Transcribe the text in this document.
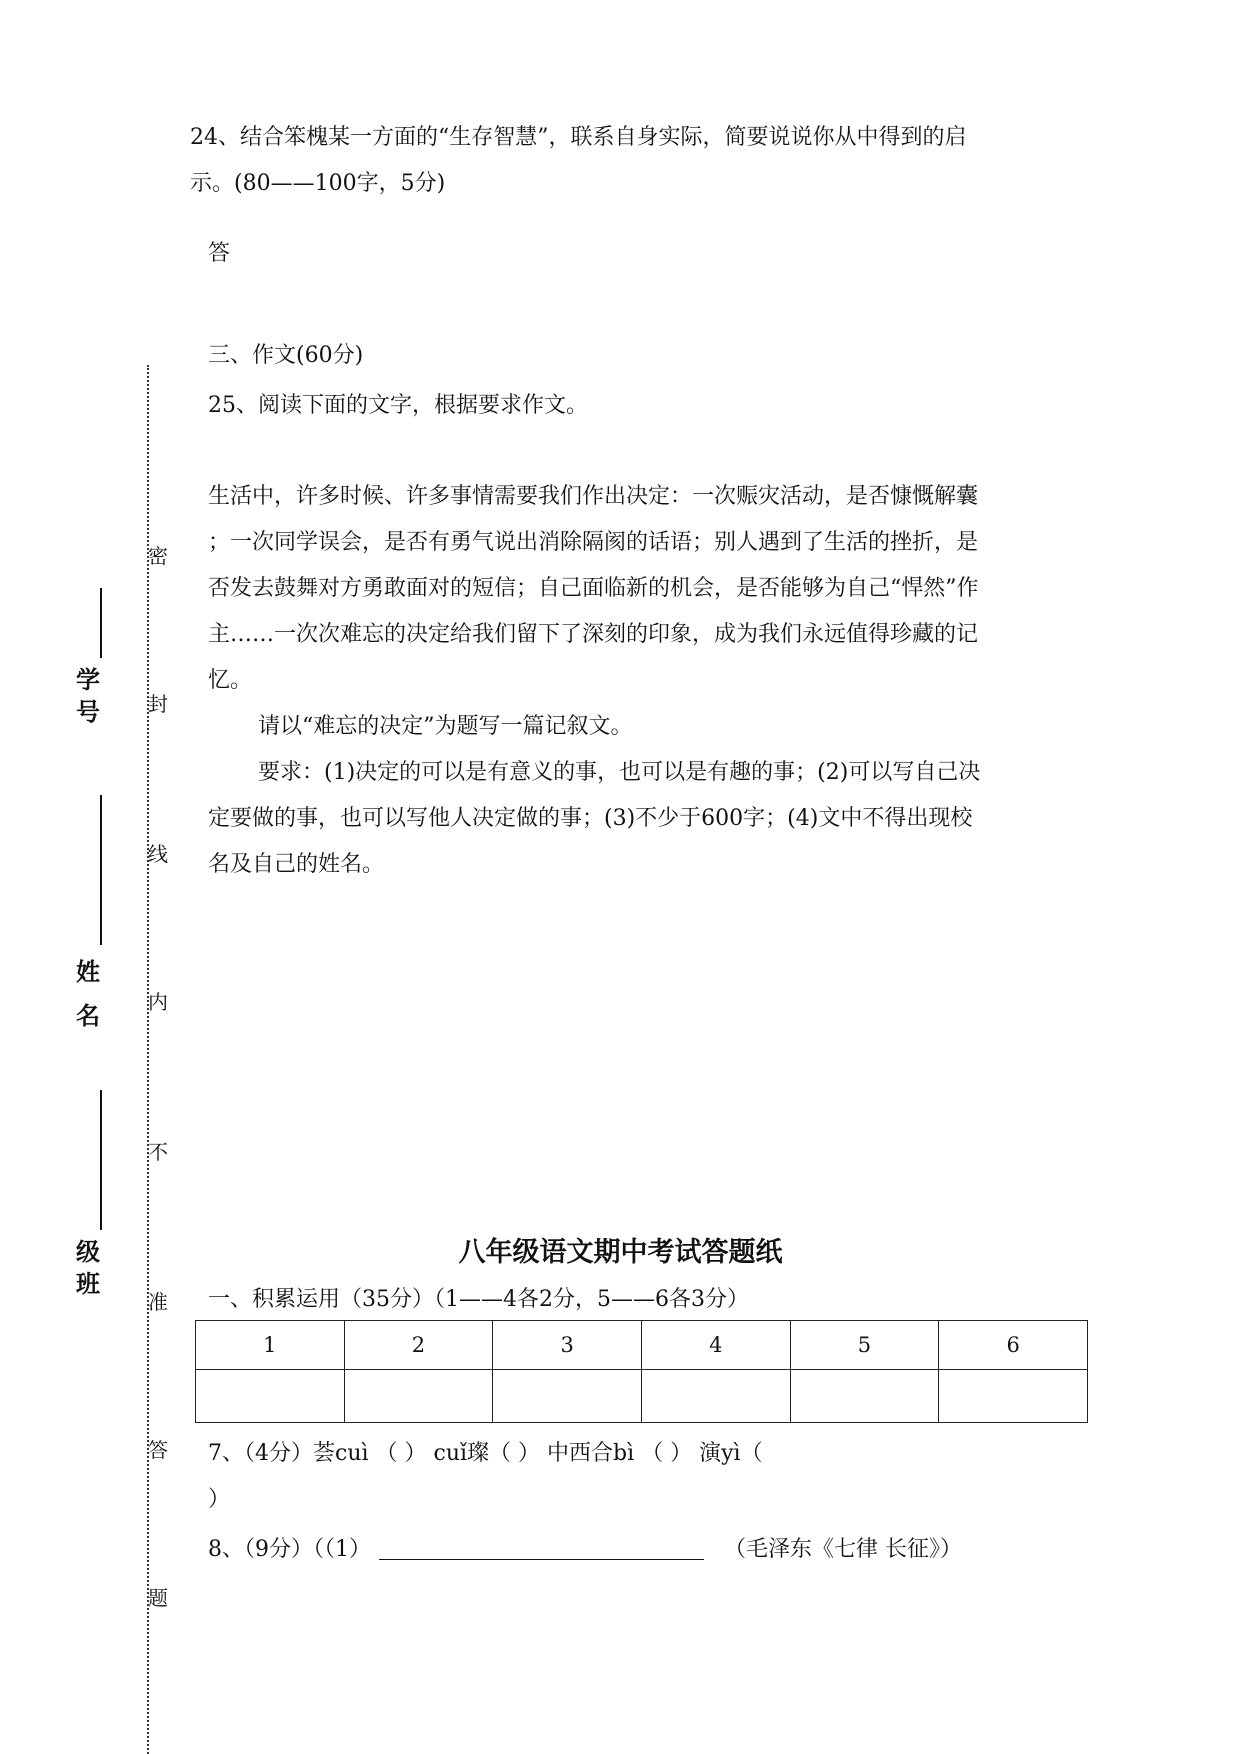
24、结合笨槐某一方面的“生存智慧”，联系自身实际，简要说说你从中得到的启
示。(80——100字，5分)
答
三、作文(60分)
25、阅读下面的文字，根据要求作文。
生活中，许多时候、许多事情需要我们作出决定：一次赈灾活动，是否慷慨解囊
；一次同学误会，是否有勇气说出消除隔阂的话语；别人遇到了生活的挫折，是
否发去鼓舞对方勇敢面对的短信；自己面临新的机会，是否能够为自己“悍然”作
主……一次次难忘的决定给我们留下了深刻的印象，成为我们永远值得珍藏的记
忆。
请以“难忘的决定”为题写一篇记叙文。
要求：(1)决定的可以是有意义的事，也可以是有趣的事；(2)可以写自己决
定要做的事，也可以写他人决定做的事；(3)不少于600字；(4)文中不得出现校
名及自己的姓名。
密
封
线
内
不
准
答
题
学
号
姓
名
级
班
八年级语文期中考试答题纸
一、积累运用（35分）（1——4各2分，5——6各3分）
1	2	3	4	5	6

7、（4分）荟cuì （ ） cuǐ璨（ ） 中西合bì （ ） 演yì（
）
8、（9分）（（1）	（毛泽东《七律 长征》）
